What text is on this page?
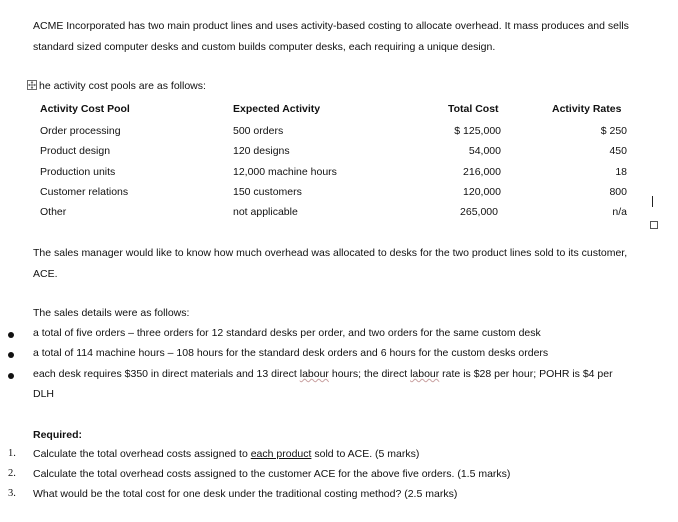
ACME Incorporated has two main product lines and uses activity-based costing to allocate overhead. It mass produces and sells standard sized computer desks and custom builds computer desks, each requiring a unique design.
he activity cost pools are as follows:
Activity Cost Pool	Expected Activity	Total Cost	Activity Rates
Order processing	500 orders	$ 125,000	$ 250
Product design	120 designs	54,000	450
Production units	12,000 machine hours	216,000	18
Customer relations	150 customers	120,000	800
Other	not applicable	265,000	n/a
The sales manager would like to know how much overhead was allocated to desks for the two product lines sold to its customer, ACE.
The sales details were as follows:
a total of five orders – three orders for 12 standard desks per order, and two orders for the same custom desk
a total of 114 machine hours – 108 hours for the standard desk orders and 6 hours for the custom desks orders
each desk requires $350 in direct materials and 13 direct labour hours; the direct labour rate is $28 per hour; POHR is $4 per
DLH
Required:
1. Calculate the total overhead costs assigned to each product sold to ACE. (5 marks)
2. Calculate the total overhead costs assigned to the customer ACE for the above five orders. (1.5 marks)
3. What would be the total cost for one desk under the traditional costing method? (2.5 marks)
